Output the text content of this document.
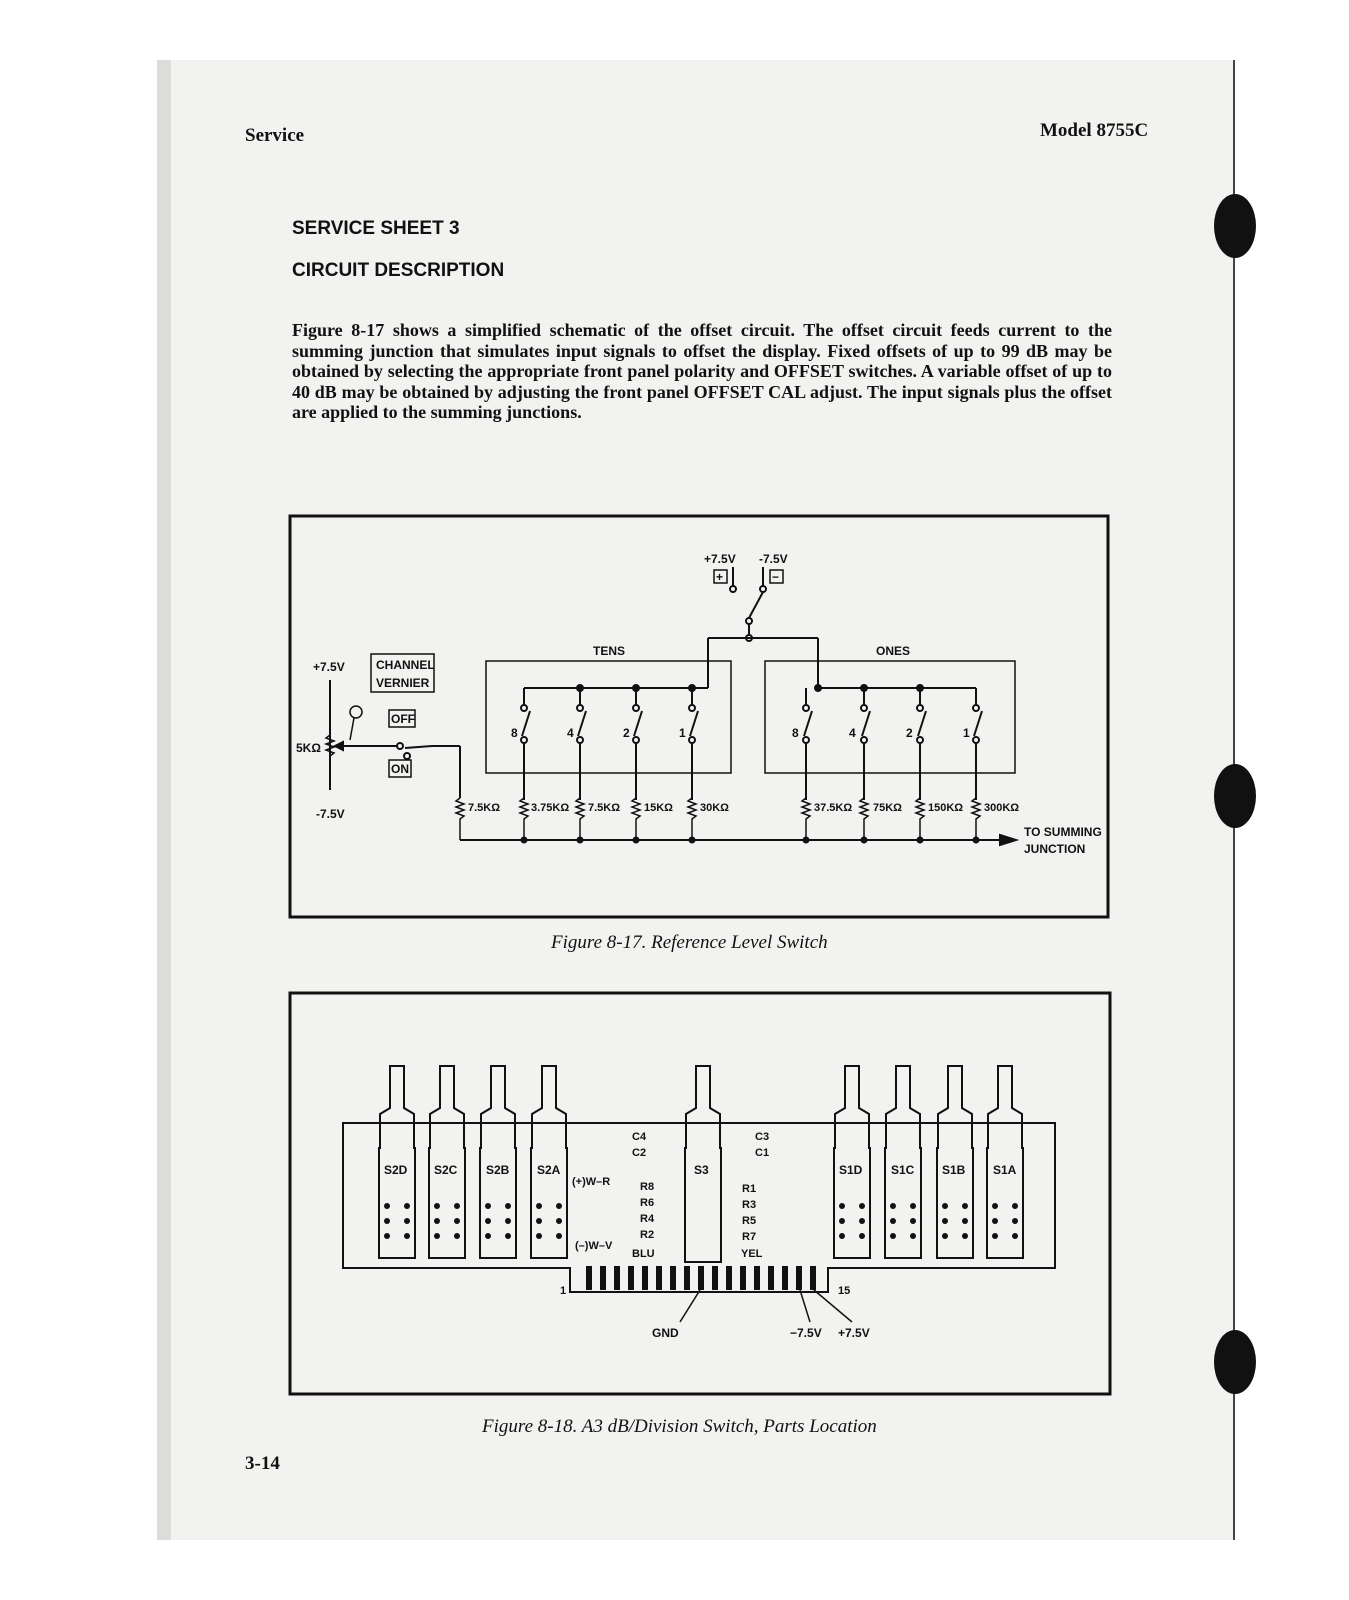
Service	Model 8755C
SERVICE SHEET 3
CIRCUIT DESCRIPTION
Figure 8-17 shows a simplified schematic of the offset circuit. The offset circuit feeds current to the summing junction that simulates input signals to offset the display. Fixed offsets of up to 99 dB may be obtained by selecting the appropriate front panel polarity and OFFSET switches. A variable offset of up to 40 dB may be obtained by adjusting the front panel OFFSET CAL adjust. The input signals plus the offset are applied to the summing junctions.
+7.5V -7.5V
+	−
TENS	ONES
+7.5V
-7.5V
CHANNEL
VERNIER
OFF
ON
5KΩ
8	4	2	1	8	4	2	1
7.5KΩ	3.75KΩ 7.5KΩ 15KΩ 30KΩ	37.5KΩ 75KΩ 150KΩ 300KΩ
TO SUMMING
JUNCTION
S2D S2C S2B S2A	S3	S1D S1C S1B S1A
C4
C2
R8
R6
R4
R2
C3
C1
R1
R3
R5
R7
(+)W–R
(–)W–V
BLU	YEL
1	15
GND	−7.5V +7.5V
Figure 8-17. Reference Level Switch
Figure 8-18. A3 dB/Division Switch, Parts Location
3-14
